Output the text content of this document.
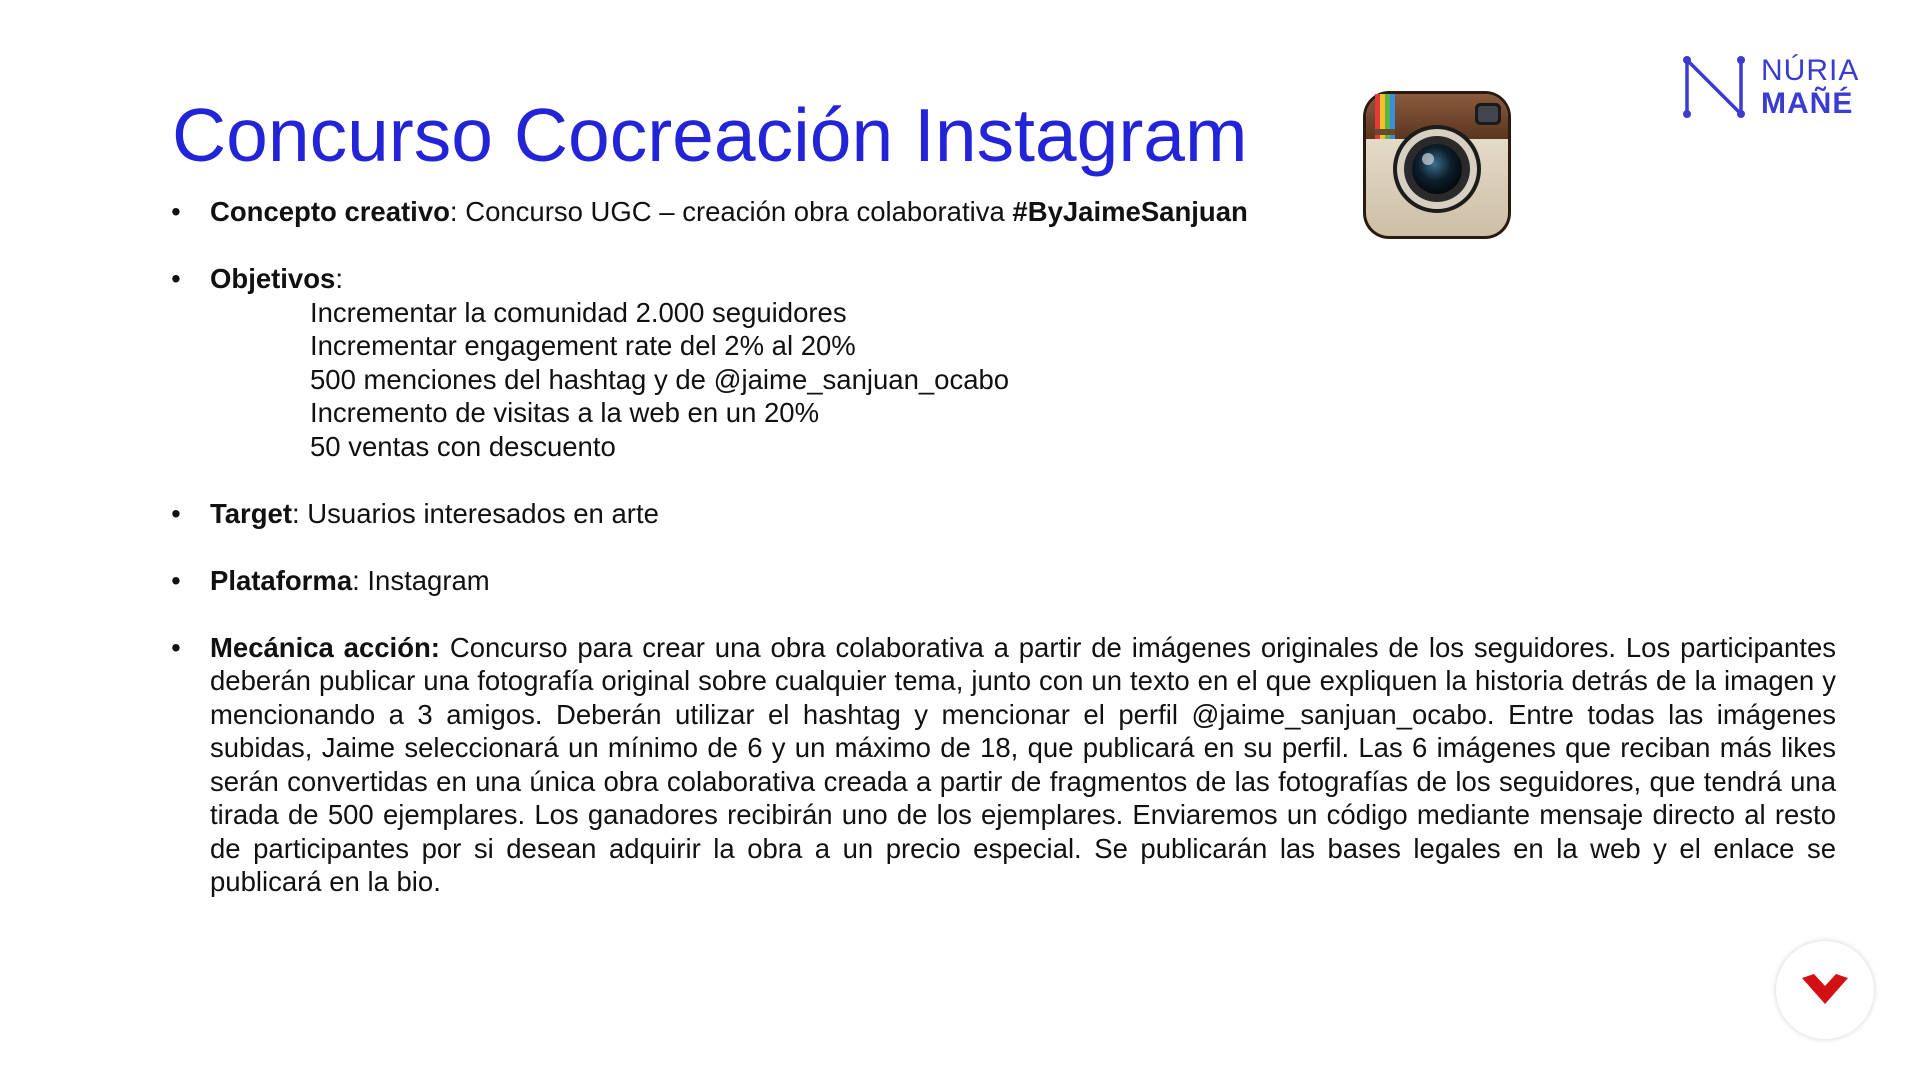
Concurso Cocreación Instagram
NÚRIA
MAÑÉ
• Concepto creativo: Concurso UGC – creación obra colaborativa #ByJaimeSanjuan
• Objetivos:
Incrementar la comunidad 2.000 seguidores
Incrementar engagement rate del 2% al 20%
500 menciones del hashtag y de @jaime_sanjuan_ocabo
Incremento de visitas a la web en un 20%
50 ventas con descuento
• Target: Usuarios interesados en arte
• Plataforma: Instagram
• Mecánica acción: Concurso para crear una obra colaborativa a partir de imágenes originales de los seguidores. Los participantes deberán publicar una fotografía original sobre cualquier tema, junto con un texto en el que expliquen la historia detrás de la imagen y mencionando a 3 amigos. Deberán utilizar el hashtag y mencionar el perfil @jaime_sanjuan_ocabo. Entre todas las imágenes subidas, Jaime seleccionará un mínimo de 6 y un máximo de 18, que publicará en su perfil. Las 6 imágenes que reciban más likes serán convertidas en una única obra colaborativa creada a partir de fragmentos de las fotografías de los seguidores, que tendrá una tirada de 500 ejemplares. Los ganadores recibirán uno de los ejemplares. Enviaremos un código mediante mensaje directo al resto de participantes por si desean adquirir la obra a un precio especial. Se publicarán las bases legales en la web y el enlace se publicará en la bio.
